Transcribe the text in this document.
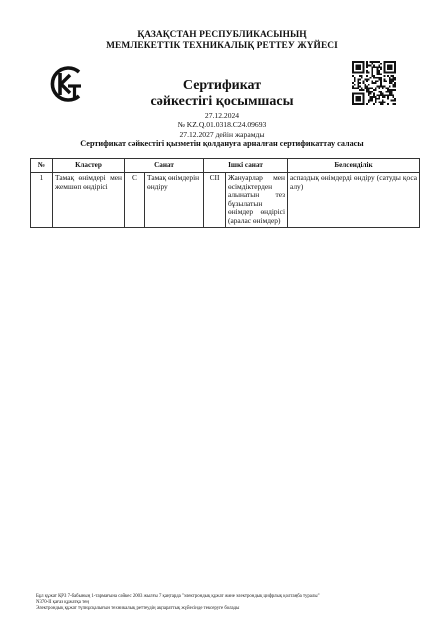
ҚАЗАҚСТАН РЕСПУБЛИКАСЫНЫҢ
МЕМЛЕКЕТТІК ТЕХНИКАЛЫҚ РЕТТЕУ ЖҮЙЕСІ
Сертификат
сәйкестігі қосымшасы
27.12.2024
№ KZ.Q.01.0318.C24.09693
27.12.2027 дейін жарамды
Сертификат сәйкестігі қызметін қолдануға арналған сертификаттау саласы
№	Кластер	Санат		Ішкі санат		Белсенділік
1	Тамақ өнімдері мен жемшөп өндірісі	C	Тамақ өнімдерін өндіру	CII	Жануарлар мен өсімдіктерден алынатын тез бұзылатын өнімдер өндірісі (аралас өнімдер)	аспаздық өнімдерді өндіру (сатуды қоса алу)
Бұл құжат ҚРЗ 7-бабының 1-тармағына сәйкес 2003 жылғы 7 қаңтарда "электрондық құжат және электрондық цифрлық қолтаңба туралы"
N370-II қағаз құжатқа тең
Электрондық құжат түпнұсқалығын техникалық реттеудің ақпараттық жүйесінде тексеруге болады
